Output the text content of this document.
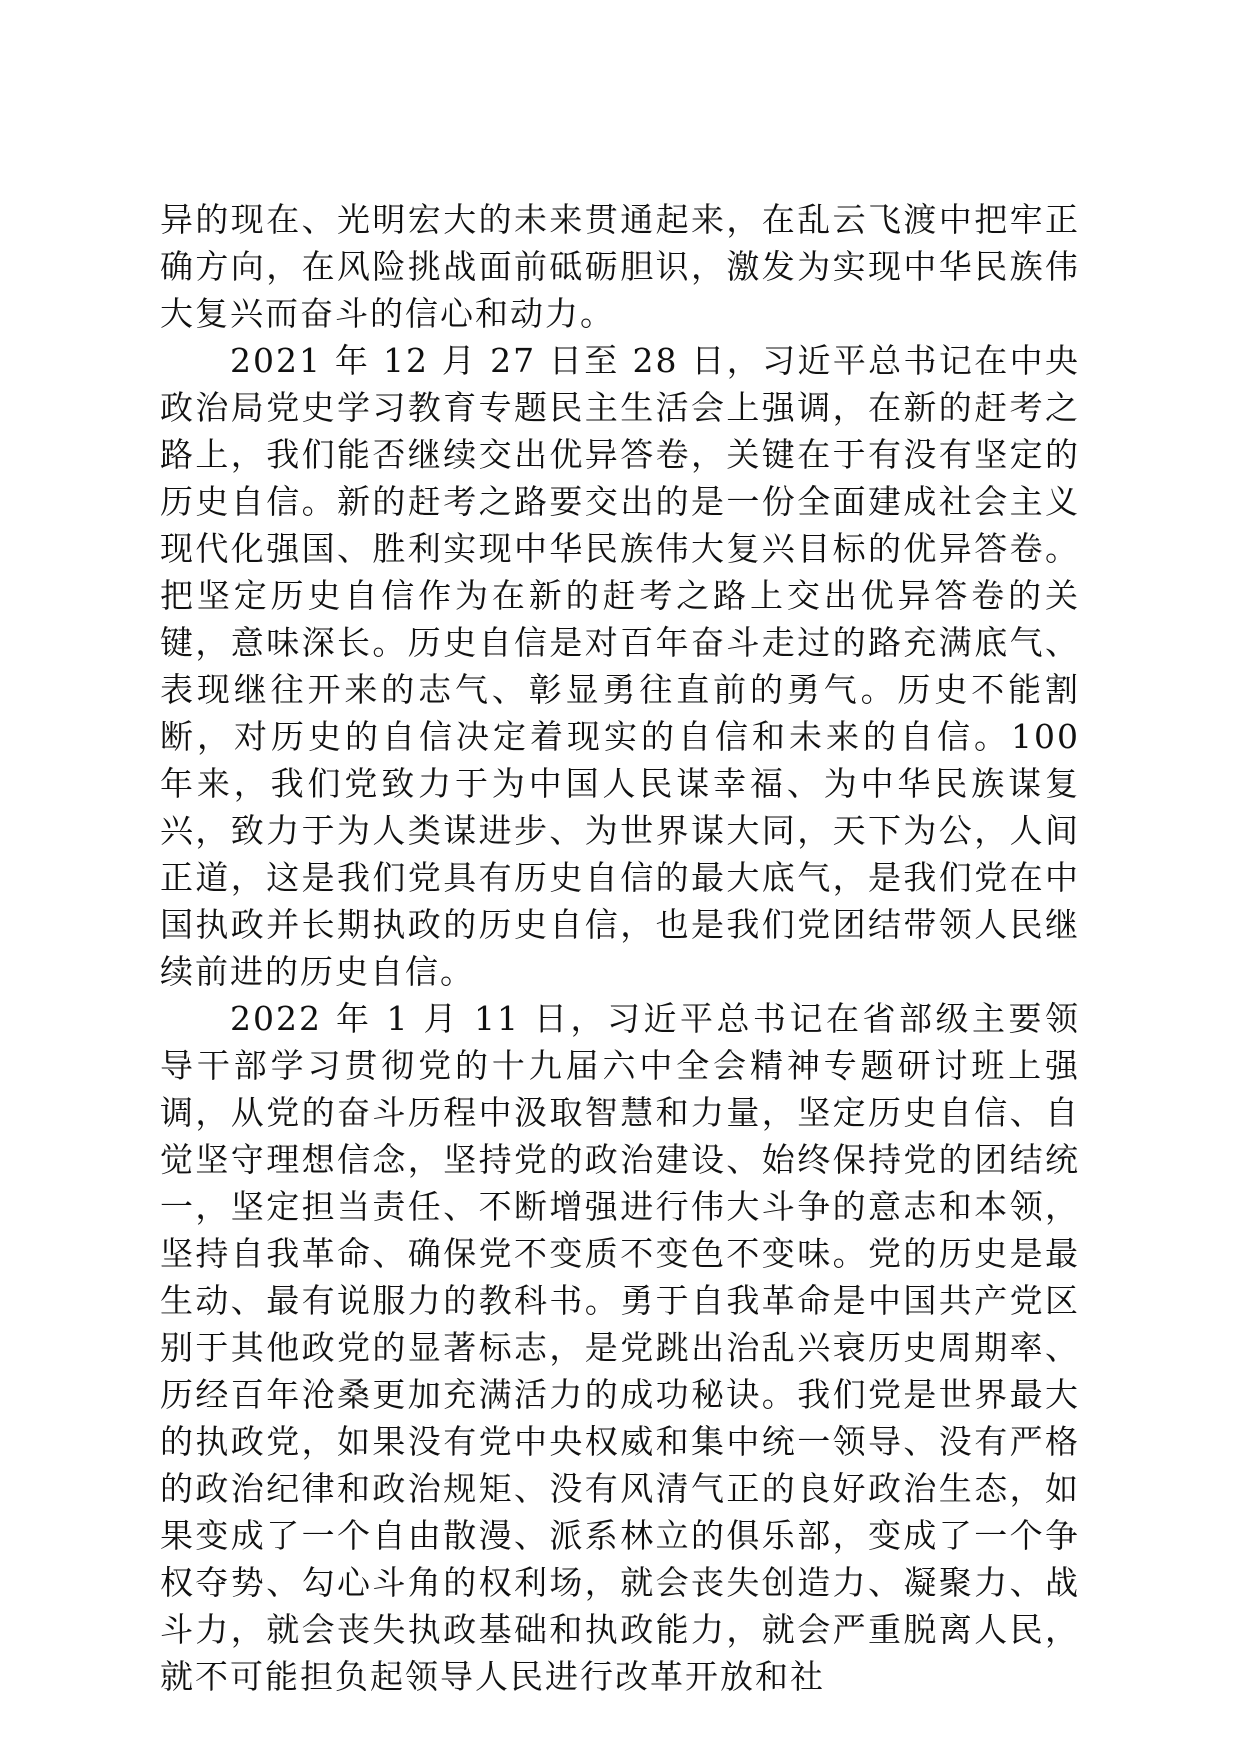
异的现在、光明宏大的未来贯通起来，在乱云飞渡中把牢正确方向，在风险挑战面前砥砺胆识，激发为实现中华民族伟大复兴而奋斗的信心和动力。

2021 年 12 月 27 日至 28 日，习近平总书记在中央政治局党史学习教育专题民主生活会上强调，在新的赶考之路上，我们能否继续交出优异答卷，关键在于有没有坚定的历史自信。新的赶考之路要交出的是一份全面建成社会主义现代化强国、胜利实现中华民族伟大复兴目标的优异答卷。把坚定历史自信作为在新的赶考之路上交出优异答卷的关键，意味深长。历史自信是对百年奋斗走过的路充满底气、表现继往开来的志气、彰显勇往直前的勇气。历史不能割断，对历史的自信决定着现实的自信和未来的自信。100 年来，我们党致力于为中国人民谋幸福、为中华民族谋复兴，致力于为人类谋进步、为世界谋大同，天下为公，人间正道，这是我们党具有历史自信的最大底气，是我们党在中国执政并长期执政的历史自信，也是我们党团结带领人民继续前进的历史自信。

2022 年 1 月 11 日，习近平总书记在省部级主要领导干部学习贯彻党的十九届六中全会精神专题研讨班上强调，从党的奋斗历程中汲取智慧和力量，坚定历史自信、自觉坚守理想信念，坚持党的政治建设、始终保持党的团结统一，坚定担当责任、不断增强进行伟大斗争的意志和本领，坚持自我革命、确保党不变质不变色不变味。党的历史是最生动、最有说服力的教科书。勇于自我革命是中国共产党区别于其他政党的显著标志，是党跳出治乱兴衰历史周期率、历经百年沧桑更加充满活力的成功秘诀。我们党是世界最大的执政党，如果没有党中央权威和集中统一领导、没有严格的政治纪律和政治规矩、没有风清气正的良好政治生态，如果变成了一个自由散漫、派系林立的俱乐部，变成了一个争权夺势、勾心斗角的权利场，就会丧失创造力、凝聚力、战斗力，就会丧失执政基础和执政能力，就会严重脱离人民，就不可能担负起领导人民进行改革开放和社
